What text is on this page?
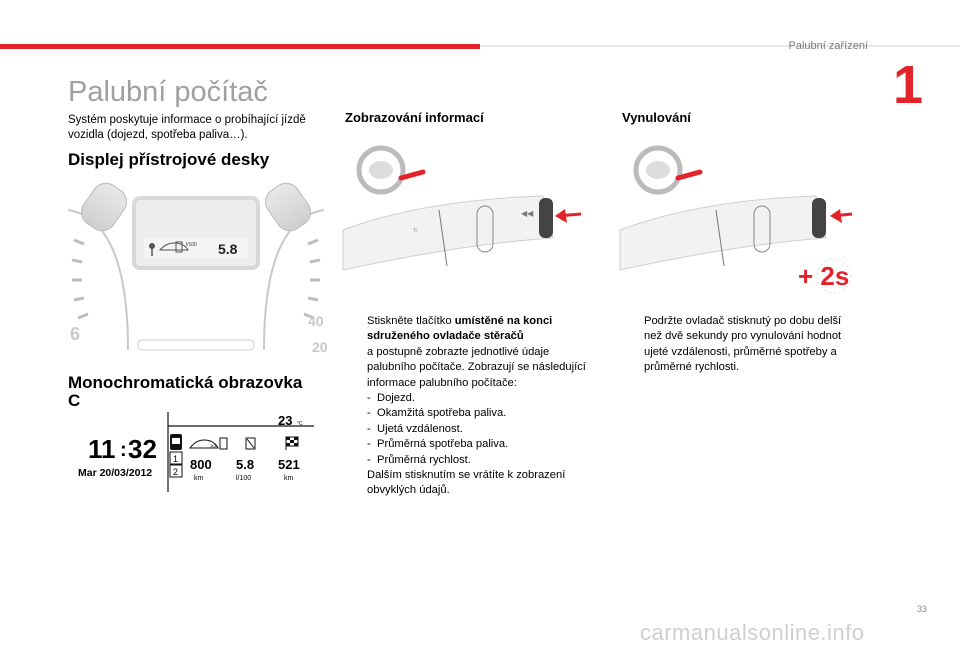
Palubní zařízení
1
Palubní počítač
Systém poskytuje informace o probíhající jízdě vozidla (dojezd, spotřeba paliva…).
Displej přístrojové desky
5.8
l/100
6
40
20
Monochromatická obrazovka C
23 °C
11 : 32
Mar 20/03/2012
1
2
>>
800
km
5.8
l/100
521
km
Zobrazování informací
↻
◀◀
Stiskněte tlačítko umístěné na konci sdruženého ovladače stěračů
a postupně zobrazte jednotlivé údaje palubního počítače. Zobrazují se následující informace palubního počítače:
- Dojezd.
- Okamžitá spotřeba paliva.
- Ujetá vzdálenost.
- Průměrná spotřeba paliva.
- Průměrná rychlost.
Dalším stisknutím se vrátíte k zobrazení obvyklých údajů.
Vynulování
+ 2s
Podržte ovladač stisknutý po dobu delší než dvě sekundy pro vynulování hodnot ujeté vzdálenosti, průměrné spotřeby a průměrné rychlosti.
33
carmanualsonline.info
